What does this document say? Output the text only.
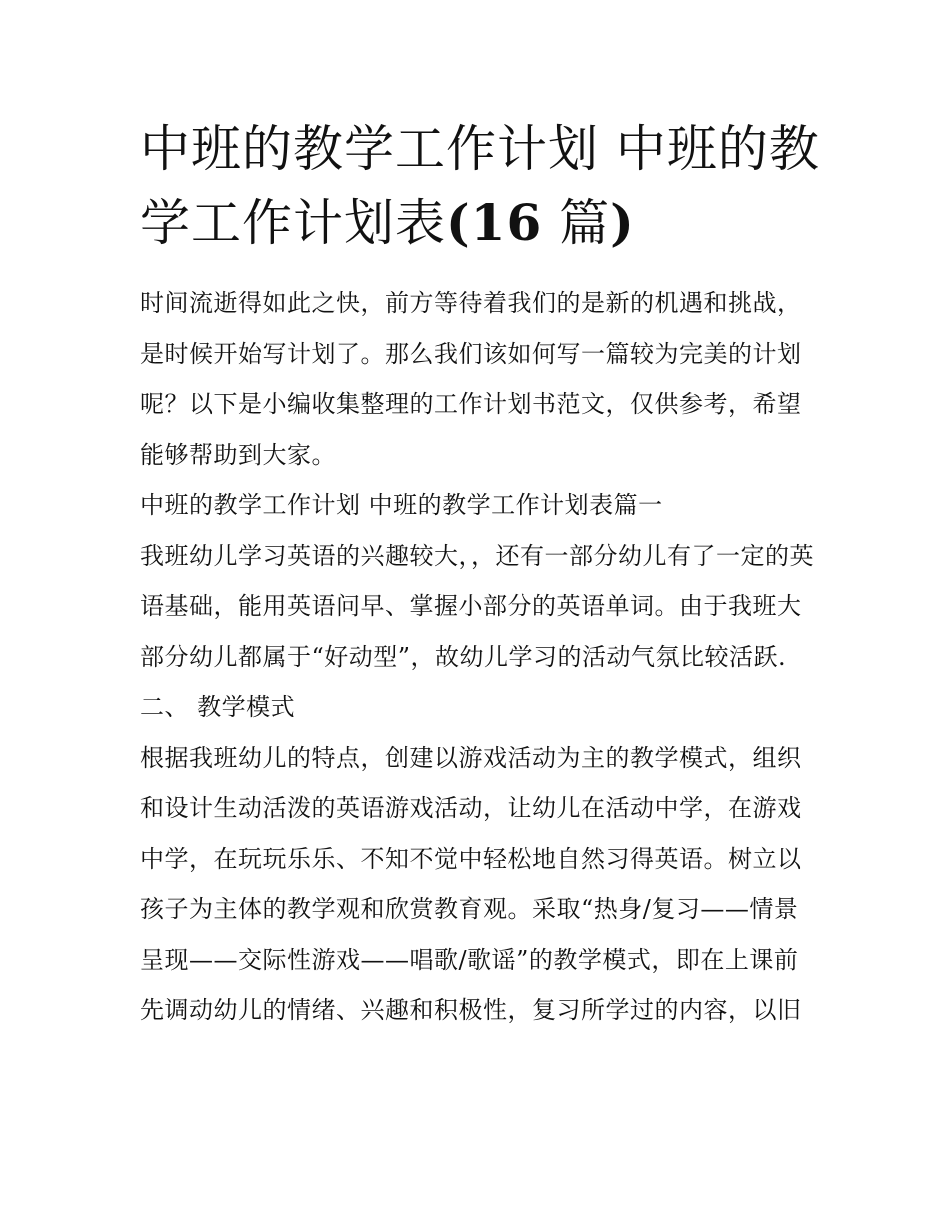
中班的教学工作计划 中班的教
学工作计划表(16 篇)

时间流逝得如此之快，前方等待着我们的是新的机遇和挑战，是时候开始写计划了。那么我们该如何写一篇较为完美的计划呢？以下是小编收集整理的工作计划书范文，仅供参考，希望能够帮助到大家。

中班的教学工作计划 中班的教学工作计划表篇一

我班幼儿学习英语的兴趣较大，，还有一部分幼儿有了一定的英语基础，能用英语问早、掌握小部分的英语单词。由于我班大部分幼儿都属于“好动型”，故幼儿学习的活动气氛比较活跃.

二、 教学模式

根据我班幼儿的特点，创建以游戏活动为主的教学模式，组织和设计生动活泼的英语游戏活动，让幼儿在活动中学，在游戏中学，在玩玩乐乐、不知不觉中轻松地自然习得英语。树立以孩子为主体的教学观和欣赏教育观。采取“热身/复习——情景呈现——交际性游戏——唱歌/歌谣”的教学模式，即在上课前先调动幼儿的情绪、兴趣和积极性，复习所学过的内容，以旧
